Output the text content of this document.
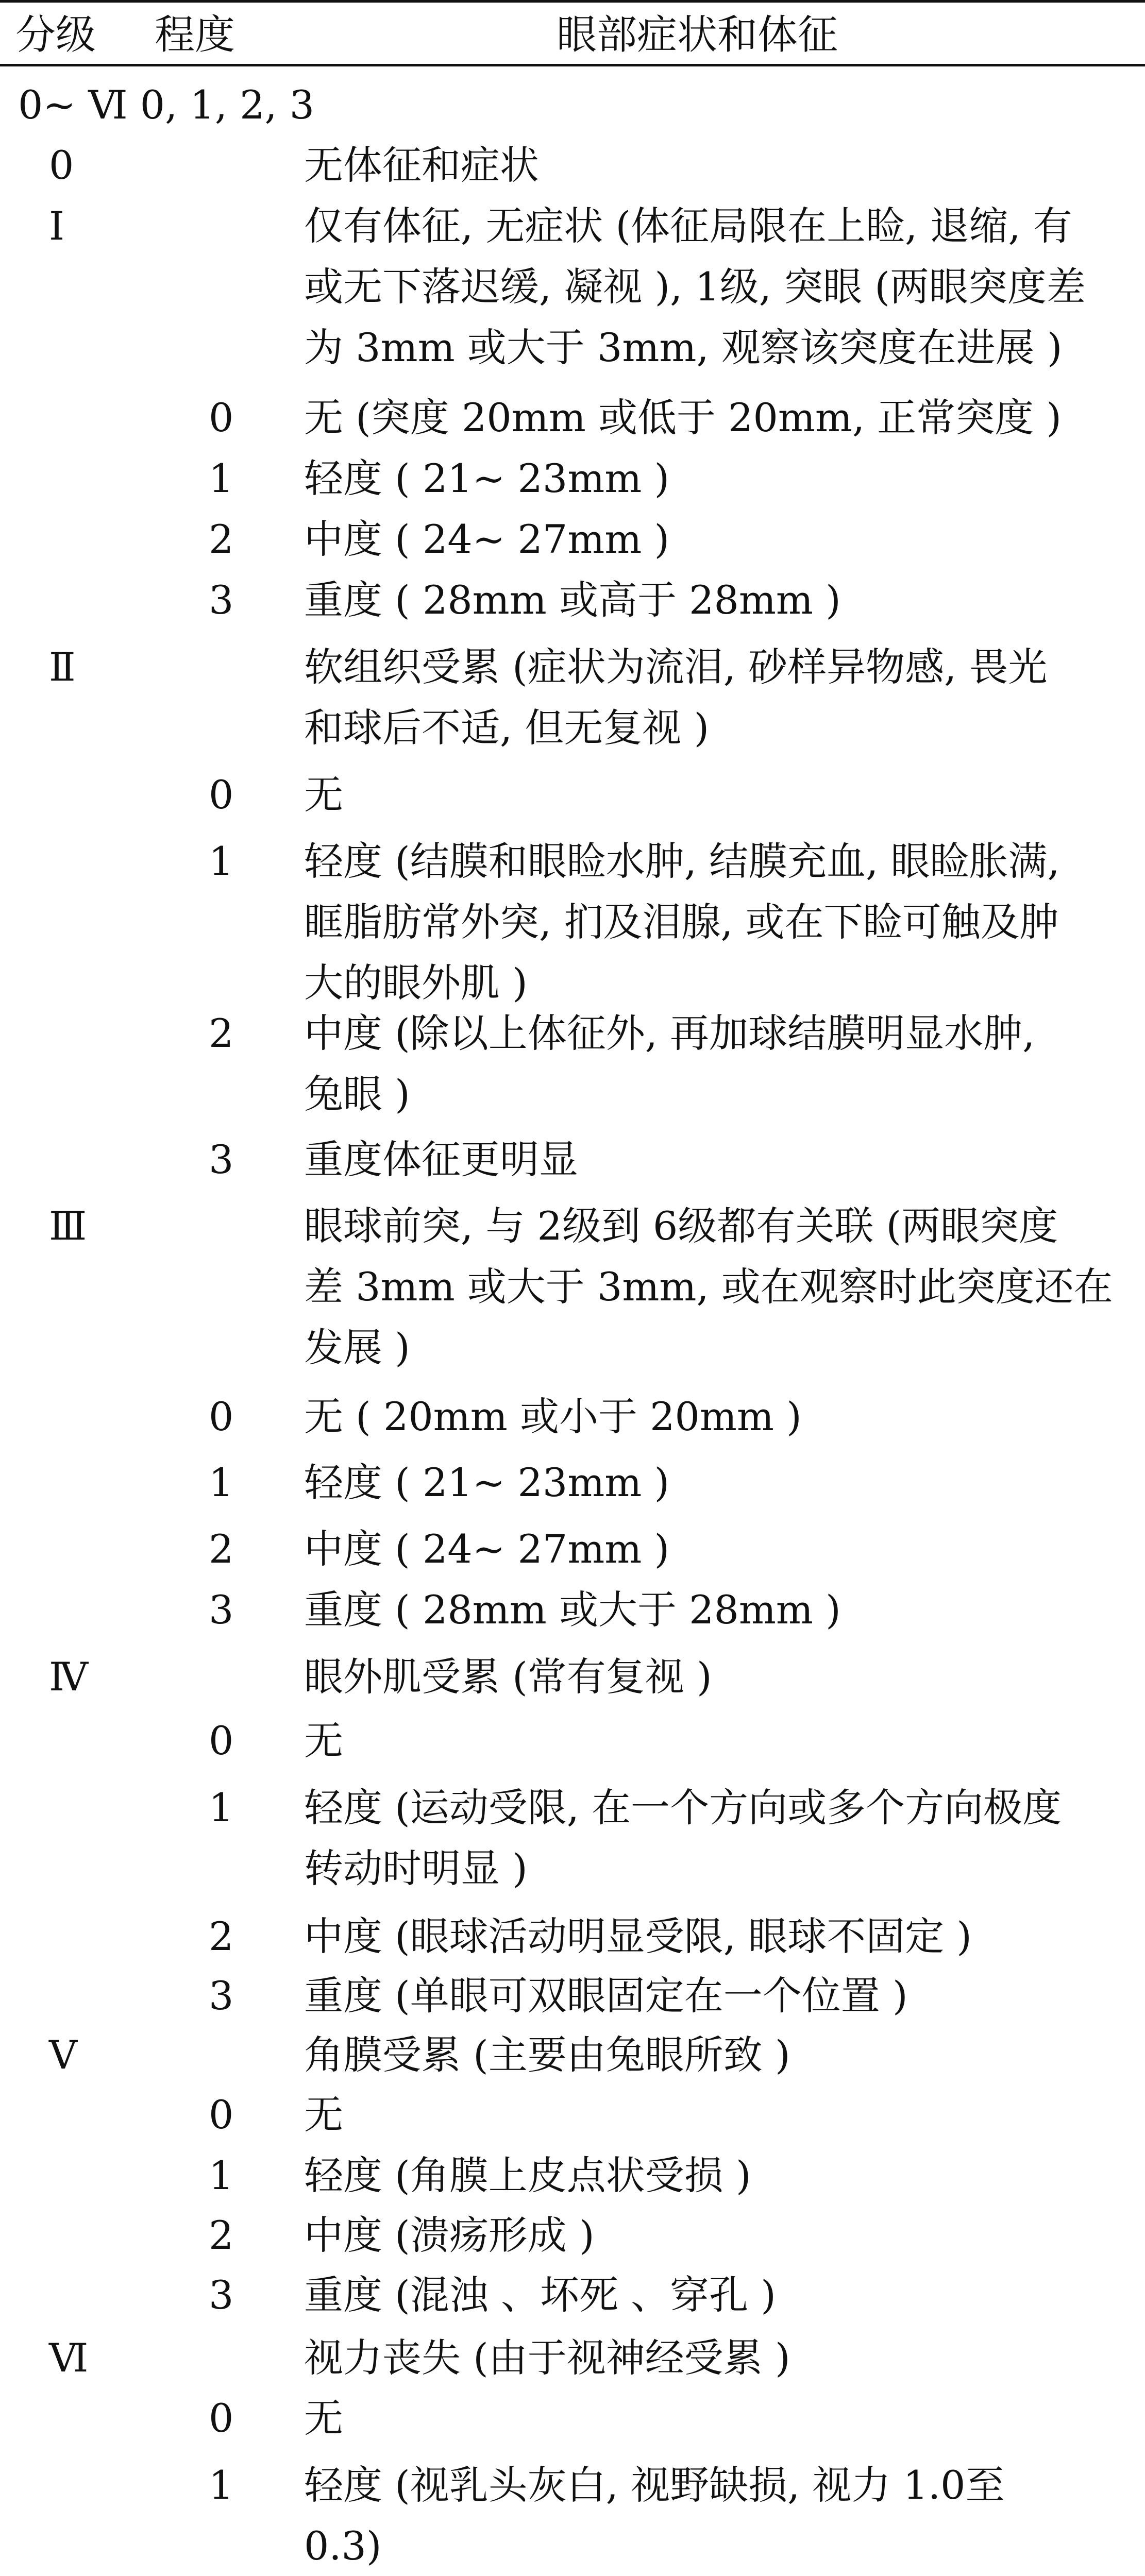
分级 程度	眼部症状和体征
0~ Ⅵ 0, 1, 2, 3
0	无体征和症状
Ⅰ	仅有体征, 无症状 (体征局限在上睑, 退缩, 有
或无下落迟缓, 凝视 ), 1级, 突眼 (两眼突度差
为 3mm 或大于 3mm, 观察该突度在进展 )
0 无 (突度 20mm 或低于 20mm, 正常突度 )
1 轻度 ( 21~ 23mm )
2 中度 ( 24~ 27mm )
3 重度 ( 28mm 或高于 28mm )
Ⅱ	软组织受累 (症状为流泪, 砂样异物感, 畏光
和球后不适, 但无复视 )
0 无
1 轻度 (结膜和眼睑水肿, 结膜充血, 眼睑胀满,
眶脂肪常外突, 扪及泪腺, 或在下睑可触及肿
大的眼外肌 )
2 中度 (除以上体征外, 再加球结膜明显水肿,
兔眼 )
3 重度体征更明显
Ⅲ	眼球前突, 与 2级到 6级都有关联 (两眼突度
差 3mm 或大于 3mm, 或在观察时此突度还在
发展 )
0 无 ( 20mm 或小于 20mm )
1 轻度 ( 21~ 23mm )
2 中度 ( 24~ 27mm )
3 重度 ( 28mm 或大于 28mm )
Ⅳ	眼外肌受累 (常有复视 )
0 无
1 轻度 (运动受限, 在一个方向或多个方向极度
转动时明显 )
2 中度 (眼球活动明显受限, 眼球不固定 )
3 重度 (单眼可双眼固定在一个位置 )
Ⅴ	角膜受累 (主要由兔眼所致 )
0 无
1 轻度 (角膜上皮点状受损 )
2 中度 (溃疡形成 )
3 重度 (混浊 、坏死 、穿孔 )
Ⅵ	视力丧失 (由于视神经受累 )
0 无
1 轻度 (视乳头灰白, 视野缺损, 视力 1.0至
0.3)
